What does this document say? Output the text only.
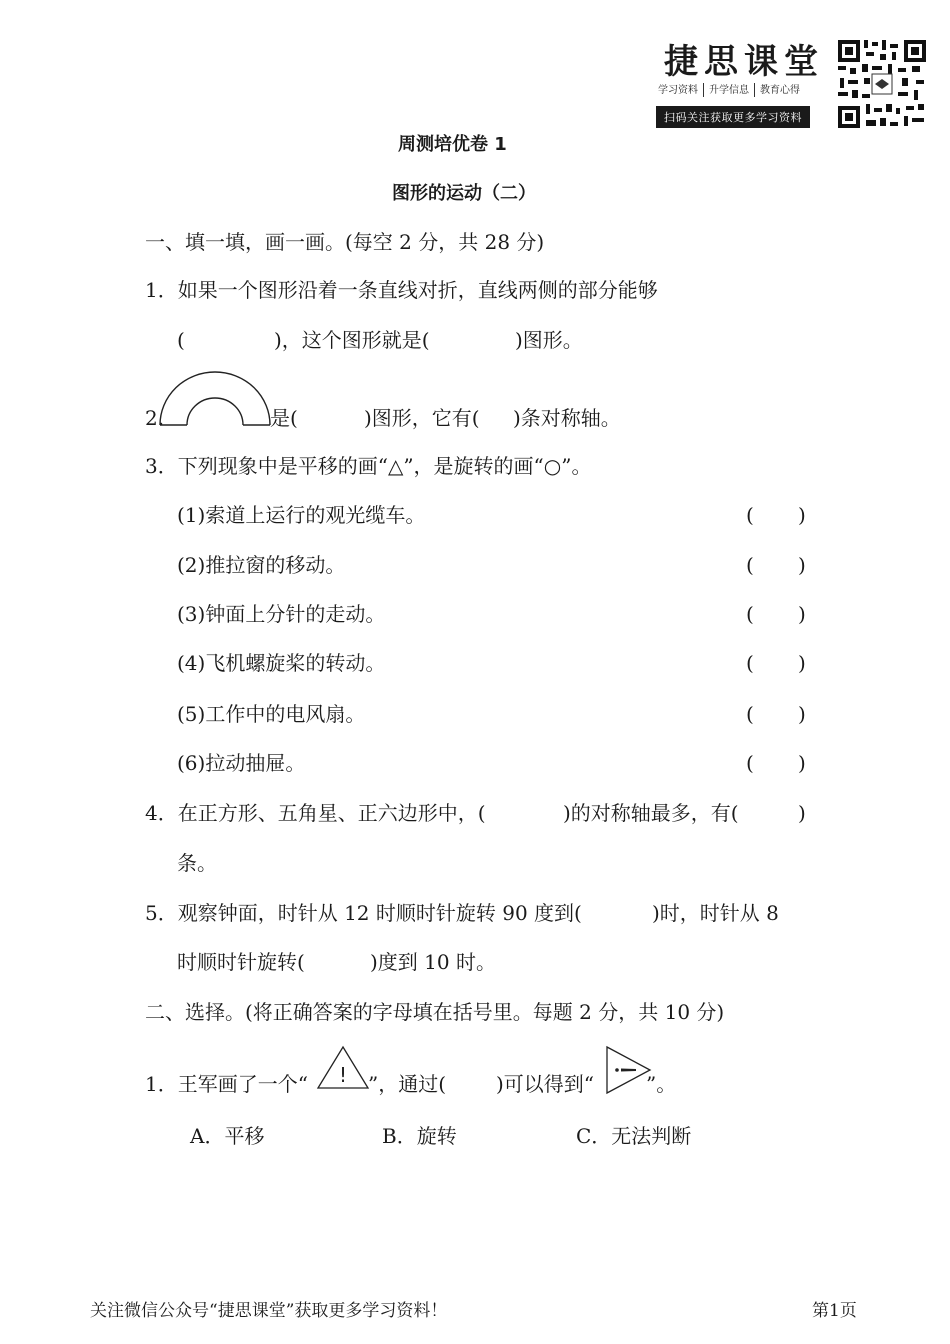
捷思课堂
学习资料 升学信息 教育心得
扫码关注获取更多学习资料
周测培优卷 1
图形的运动（二）
一、填一填，画一画。(每空 2 分，共 28 分)
1．如果一个图形沿着一条直线对折，直线两侧的部分能够
(	)，这个图形就是(	)图形。
2.	是(	)图形，它有( )条对称轴。
3．下列现象中是平移的画“△”，是旋转的画“○”。
(1)索道上运行的观光缆车。	( )
(2)推拉窗的移动。	( )
(3)钟面上分针的走动。	( )
(4)飞机螺旋桨的转动。	( )
(5)工作中的电风扇。	( )
(6)拉动抽屉。	( )
4．在正方形、五角星、正六边形中，(	)的对称轴最多，有(	)
条。
5．观察钟面，时针从 12 时顺时针旋转 90 度到(	)时，时针从 8
时顺时针旋转(	)度到 10 时。
二、选择。(将正确答案的字母填在括号里。每题 2 分，共 10 分)
1．王军画了一个“ ! ”，通过( )可以得到“	”。
A．平移	B．旋转	C．无法判断
关注微信公众号“捷思课堂”获取更多学习资料！	第1页
